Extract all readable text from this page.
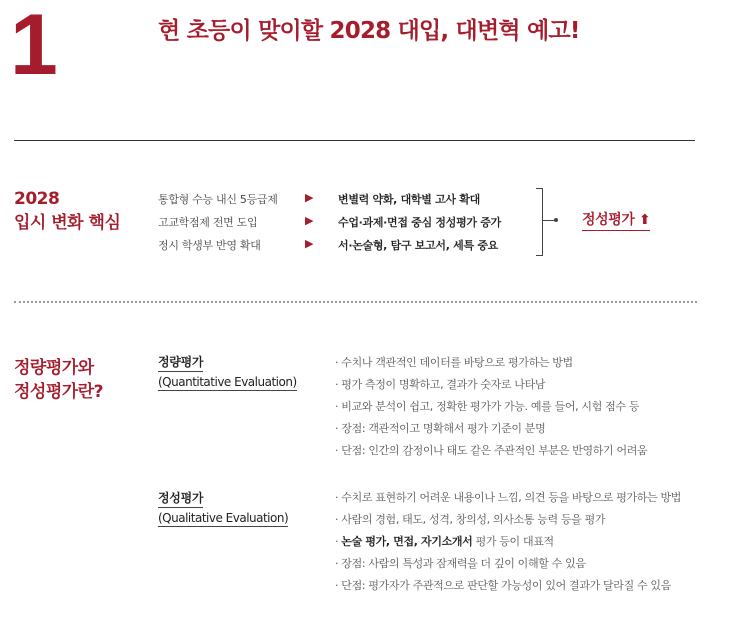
1	현 초등이 맞이할 2028 대입, 대변혁 예고!
2028
입시 변화 핵심
통합형 수능 내신 5등급제 ▶ 변별력 약화, 대학별 고사 확대
고교학점제 전면 도입	▶ 수업·과제·면접 중심 정성평가 증가
정시 학생부 반영 확대	▶ 서·논술형, 탐구 보고서, 세특 중요
정성평가 ⬆
정량평가와
정성평가란?
정량평가
(Quantitative Evaluation)
· 수치나 객관적인 데이터를 바탕으로 평가하는 방법
· 평가 측정이 명확하고, 결과가 숫자로 나타남
· 비교와 분석이 쉽고, 정확한 평가가 가능. 예를 들어, 시험 점수 등
· 장점: 객관적이고 명확해서 평가 기준이 분명
· 단점: 인간의 감정이나 태도 같은 주관적인 부분은 반영하기 어려움
정성평가
(Qualitative Evaluation)
· 수치로 표현하기 어려운 내용이나 느낌, 의견 등을 바탕으로 평가하는 방법
· 사람의 경험, 태도, 성격, 창의성, 의사소통 능력 등을 평가
· 논술 평가, 면접, 자기소개서 평가 등이 대표적
· 장점: 사람의 특성과 잠재력을 더 깊이 이해할 수 있음
· 단점: 평가자가 주관적으로 판단할 가능성이 있어 결과가 달라질 수 있음
